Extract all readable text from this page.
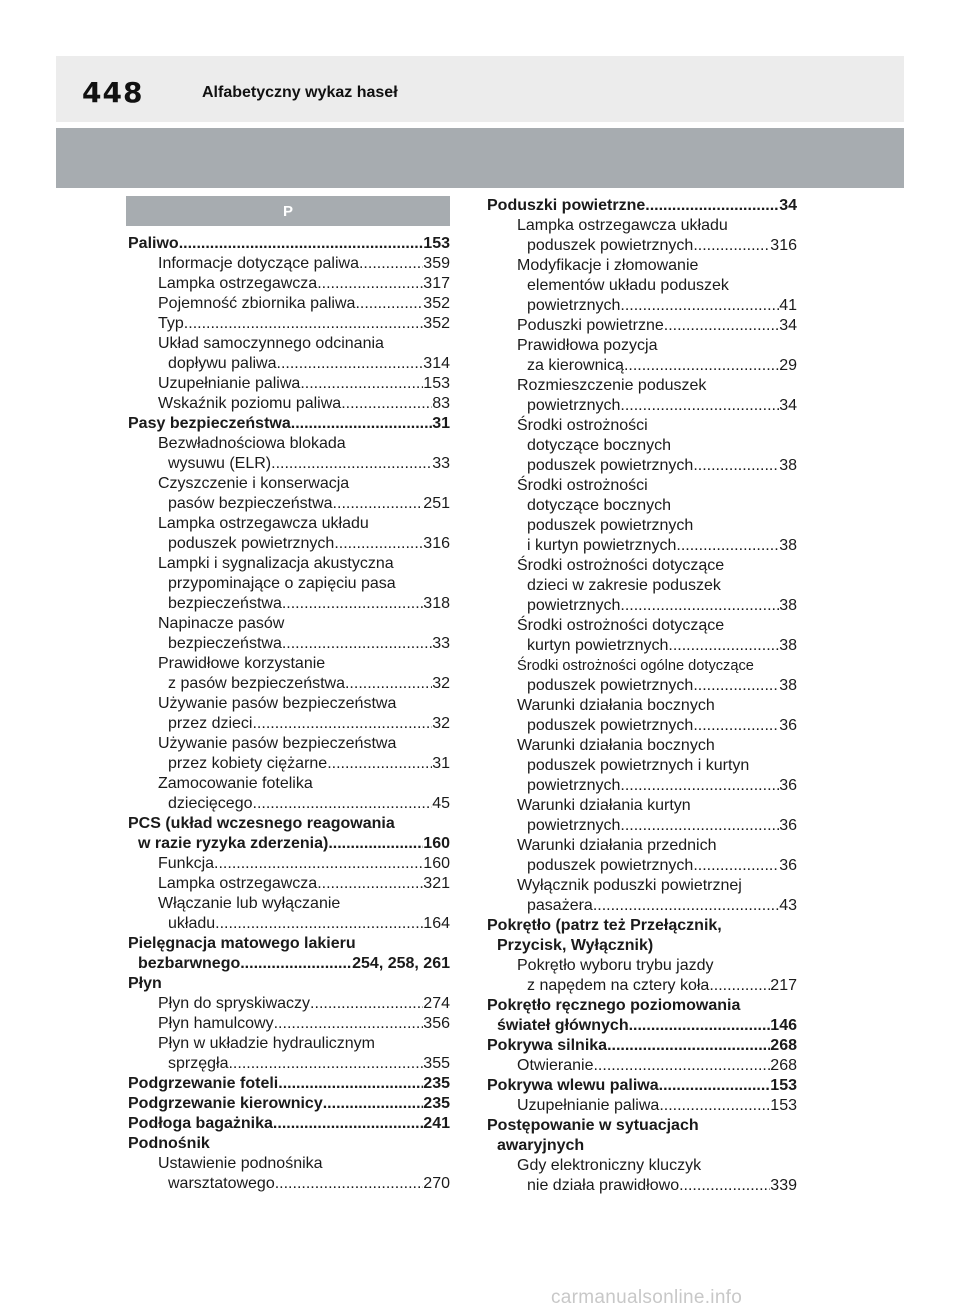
448	Alfabetyczny wykaz haseł
P
Paliwo .....	153
Informacje dotyczące paliwa .....	359
Lampka ostrzegawcza .....	317
Pojemność zbiornika paliwa .....	352
Typ .....	352
Układ samoczynnego odcinania
dopływu paliwa .....	314
Uzupełnianie paliwa .....	153
Wskaźnik poziomu paliwa .....	83
Pasy bezpieczeństwa .....	31
Bezwładnościowa blokada
wysuwu (ELR) .....	33
Czyszczenie i konserwacja
pasów bezpieczeństwa .....	251
Lampka ostrzegawcza układu
poduszek powietrznych .....	316
Lampki i sygnalizacja akustyczna
przypominające o zapięciu pasa
bezpieczeństwa .....	318
Napinacze pasów
bezpieczeństwa .....	33
Prawidłowe korzystanie
z pasów bezpieczeństwa .....	32
Używanie pasów bezpieczeństwa
przez dzieci .....	32
Używanie pasów bezpieczeństwa
przez kobiety ciężarne .....	31
Zamocowanie fotelika
dziecięcego .....	45
PCS (układ wczesnego reagowania
w razie ryzyka zderzenia) .....	160
Funkcja .....	160
Lampka ostrzegawcza .....	321
Włączanie lub wyłączanie
układu .....	164
Pielęgnacja matowego lakieru
bezbarwnego .....	254, 258, 261
Płyn
Płyn do spryskiwaczy .....	274
Płyn hamulcowy .....	356
Płyn w układzie hydraulicznym
sprzęgła .....	355
Podgrzewanie foteli .....	235
Podgrzewanie kierownicy .....	235
Podłoga bagażnika .....	241
Podnośnik
Ustawienie podnośnika
warsztatowego .....	270
Poduszki powietrzne .....	34
Lampka ostrzegawcza układu
poduszek powietrznych .....	316
Modyfikacje i złomowanie
elementów układu poduszek
powietrznych .....	41
Poduszki powietrzne .....	34
Prawidłowa pozycja
za kierownicą .....	29
Rozmieszczenie poduszek
powietrznych .....	34
Środki ostrożności
dotyczące bocznych
poduszek powietrznych .....	38
Środki ostrożności
dotyczące bocznych
poduszek powietrznych
i kurtyn powietrznych .....	38
Środki ostrożności dotyczące
dzieci w zakresie poduszek
powietrznych .....	38
Środki ostrożności dotyczące
kurtyn powietrznych .....	38
Środki ostrożności ogólne dotyczące
poduszek powietrznych .....	38
Warunki działania bocznych
poduszek powietrznych .....	36
Warunki działania bocznych
poduszek powietrznych i kurtyn
powietrznych .....	36
Warunki działania kurtyn
powietrznych .....	36
Warunki działania przednich
poduszek powietrznych .....	36
Wyłącznik poduszki powietrznej
pasażera .....	43
Pokrętło (patrz też Przełącznik,
Przycisk, Wyłącznik)
Pokrętło wyboru trybu jazdy
z napędem na cztery koła .....	217
Pokrętło ręcznego poziomowania
świateł głównych .....	146
Pokrywa silnika .....	268
Otwieranie .....	268
Pokrywa wlewu paliwa .....	153
Uzupełnianie paliwa .....	153
Postępowanie w sytuacjach
awaryjnych
Gdy elektroniczny kluczyk
nie działa prawidłowo .....	339
carmanualsonline.info
